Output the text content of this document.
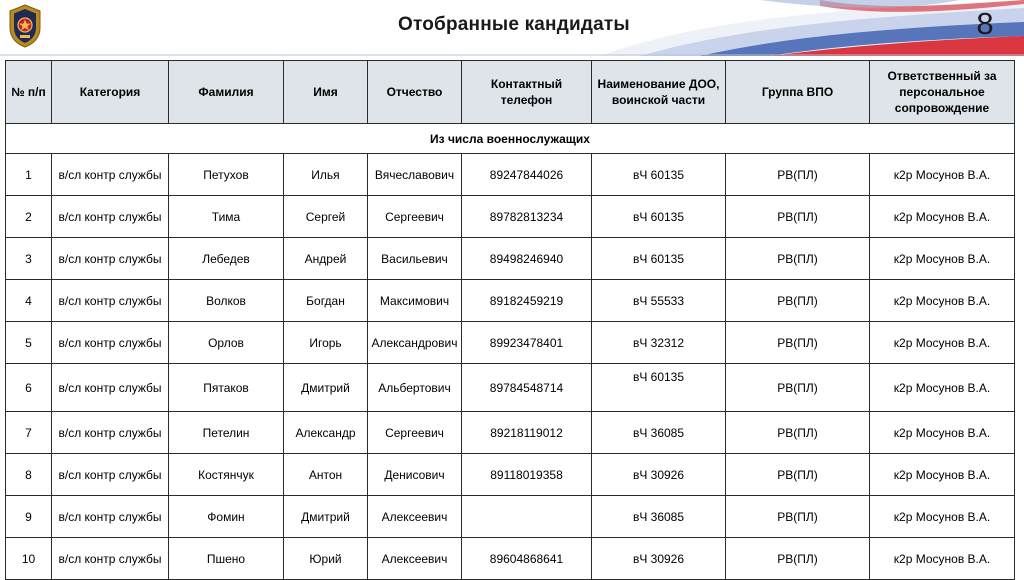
Отобранные кандидаты	8
№ п/п	Категория	Фамилия	Имя	Отчество	Контактный телефон	Наименование ДОО, воинской части	Группа ВПО	Ответственный за персональное сопровождение
Из числа военнослужащих								
1	в/сл контр службы	Петухов	Илья	Вячеславович	89247844026	вЧ 60135	РВ(ПЛ)	к2р Мосунов В.А.
2	в/сл контр службы	Тима	Сергей	Сергеевич	89782813234	вЧ 60135	РВ(ПЛ)	к2р Мосунов В.А.
3	в/сл контр службы	Лебедев	Андрей	Васильевич	89498246940	вЧ 60135	РВ(ПЛ)	к2р Мосунов В.А.
4	в/сл контр службы	Волков	Богдан	Максимович	89182459219	вЧ 55533	РВ(ПЛ)	к2р Мосунов В.А.
5	в/сл контр службы	Орлов	Игорь	Александрович	89923478401	вЧ 32312	РВ(ПЛ)	к2р Мосунов В.А.
6	в/сл контр службы	Пятаков	Дмитрий	Альбертович	89784548714	вЧ 60135	РВ(ПЛ)	к2р Мосунов В.А.
7	в/сл контр службы	Петелин	Александр	Сергеевич	89218119012	вЧ 36085	РВ(ПЛ)	к2р Мосунов В.А.
8	в/сл контр службы	Костянчук	Антон	Денисович	89118019358	вЧ 30926	РВ(ПЛ)	к2р Мосунов В.А.
9	в/сл контр службы	Фомин	Дмитрий	Алексеевич		вЧ 36085	РВ(ПЛ)	к2р Мосунов В.А.
10	в/сл контр службы	Пшено	Юрий	Алексеевич	89604868641	вЧ 30926	РВ(ПЛ)	к2р Мосунов В.А.
